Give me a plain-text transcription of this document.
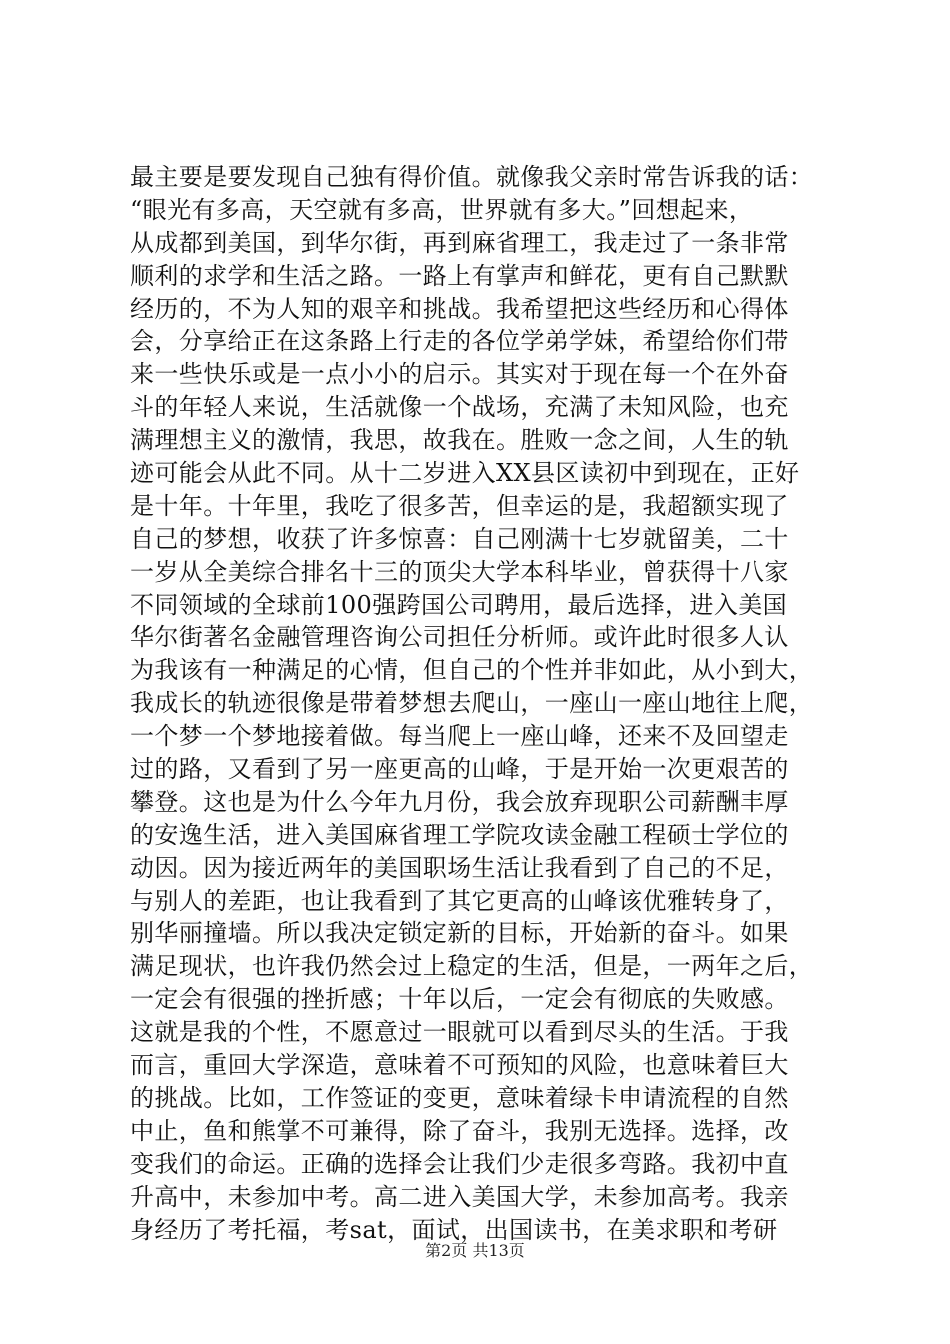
最主要是要发现自己独有得价值。就像我父亲时常告诉我的话：
“眼光有多高，天空就有多高，世界就有多大。”回想起来，
从成都到美国，到华尔街，再到麻省理工，我走过了一条非常
顺利的求学和生活之路。一路上有掌声和鲜花，更有自己默默
经历的，不为人知的艰辛和挑战。我希望把这些经历和心得体
会，分享给正在这条路上行走的各位学弟学妹，希望给你们带
来一些快乐或是一点小小的启示。其实对于现在每一个在外奋
斗的年轻人来说，生活就像一个战场，充满了未知风险，也充
满理想主义的激情，我思，故我在。胜败一念之间，人生的轨
迹可能会从此不同。从十二岁进入XX县区读初中到现在，正好
是十年。十年里，我吃了很多苦，但幸运的是，我超额实现了
自己的梦想，收获了许多惊喜：自己刚满十七岁就留美，二十
一岁从全美综合排名十三的顶尖大学本科毕业，曾获得十八家
不同领域的全球前100强跨国公司聘用，最后选择，进入美国
华尔街著名金融管理咨询公司担任分析师。或许此时很多人认
为我该有一种满足的心情，但自己的个性并非如此，从小到大，
我成长的轨迹很像是带着梦想去爬山，一座山一座山地往上爬，
一个梦一个梦地接着做。每当爬上一座山峰，还来不及回望走
过的路，又看到了另一座更高的山峰，于是开始一次更艰苦的
攀登。这也是为什么今年九月份，我会放弃现职公司薪酬丰厚
的安逸生活，进入美国麻省理工学院攻读金融工程硕士学位的
动因。因为接近两年的美国职场生活让我看到了自己的不足，
与别人的差距，也让我看到了其它更高的山峰该优雅转身了，
别华丽撞墙。所以我决定锁定新的目标，开始新的奋斗。如果
满足现状，也许我仍然会过上稳定的生活，但是，一两年之后，
一定会有很强的挫折感；十年以后，一定会有彻底的失败感。
这就是我的个性，不愿意过一眼就可以看到尽头的生活。于我
而言，重回大学深造，意味着不可预知的风险，也意味着巨大
的挑战。比如，工作签证的变更，意味着绿卡申请流程的自然
中止，鱼和熊掌不可兼得，除了奋斗，我别无选择。选择，改
变我们的命运。正确的选择会让我们少走很多弯路。我初中直
升高中，未参加中考。高二进入美国大学，未参加高考。我亲
身经历了考托福，考sat，面试，出国读书，在美求职和考研
第2页 共13页
